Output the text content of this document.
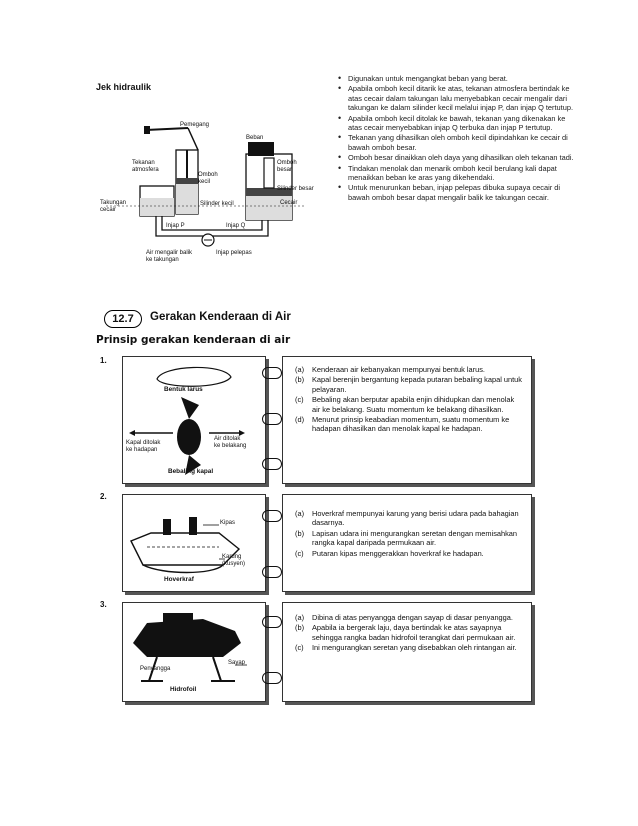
Jek hidraulik
Pemegang
Beban
Tekanan
atmosfera
Omboh
kecil
Omboh
besar
Silinder besar
Takungan
cecair
Silinder kecil	Cecair
Injap P	Injap Q
Air mengalir balik
ke takungan
Injap pelepas
• Digunakan untuk mengangkat beban yang berat.
• Apabila omboh kecil ditarik ke atas, tekanan atmosfera bertindak ke atas cecair dalam takungan lalu menyebabkan cecair mengalir dari takungan ke dalam silinder kecil melalui injap P, dan injap Q tertutup.
• Apabila omboh kecil ditolak ke bawah, tekanan yang dikenakan ke atas cecair menyebabkan injap Q terbuka dan injap P tertutup.
• Tekanan yang dihasilkan oleh omboh kecil dipindahkan ke cecair di bawah omboh besar.
• Omboh besar dinaikkan oleh daya yang dihasilkan oleh tekanan tadi.
• Tindakan menolak dan menarik omboh kecil berulang kali dapat menaikkan beban ke aras yang dikehendaki.
• Untuk menurunkan beban, injap pelepas dibuka supaya cecair di bawah omboh besar dapat mengalir balik ke takungan cecair.
12.7	Gerakan Kenderaan di Air
Prinsip gerakan kenderaan di air
1.
Bentuk larus
Kapal ditolak
ke hadapan
Air ditolak
ke belakang
Bebaling kapal
(a)	Kenderaan air kebanyakan mempunyai bentuk larus.
(b)	Kapal berenjin bergantung kepada putaran bebaling kapal untuk pelayaran.
(c)	Bebaling akan berputar apabila enjin dihidupkan dan menolak air ke belakang. Suatu momentum ke belakang dihasilkan.
(d)	Menurut prinsip keabadian momentum, suatu momentum ke hadapan dihasilkan dan menolak kapal ke hadapan.
2.
Kipas
Karung
(kusyen)
Hoverkraf
(a)	Hoverkraf mempunyai karung yang berisi udara pada bahagian dasarnya.
(b)	Lapisan udara ini mengurangkan seretan dengan memisahkan rangka kapal daripada permukaan air.
(c)	Putaran kipas menggerakkan hoverkraf ke hadapan.
3.
Sayap
Penyangga
Hidrofoil
(a)	Dibina di atas penyangga dengan sayap di dasar penyangga.
(b)	Apabila ia bergerak laju, daya bertindak ke atas sayapnya sehingga rangka badan hidrofoil terangkat dari permukaan air.
(c)	Ini mengurangkan seretan yang disebabkan oleh rintangan air.
